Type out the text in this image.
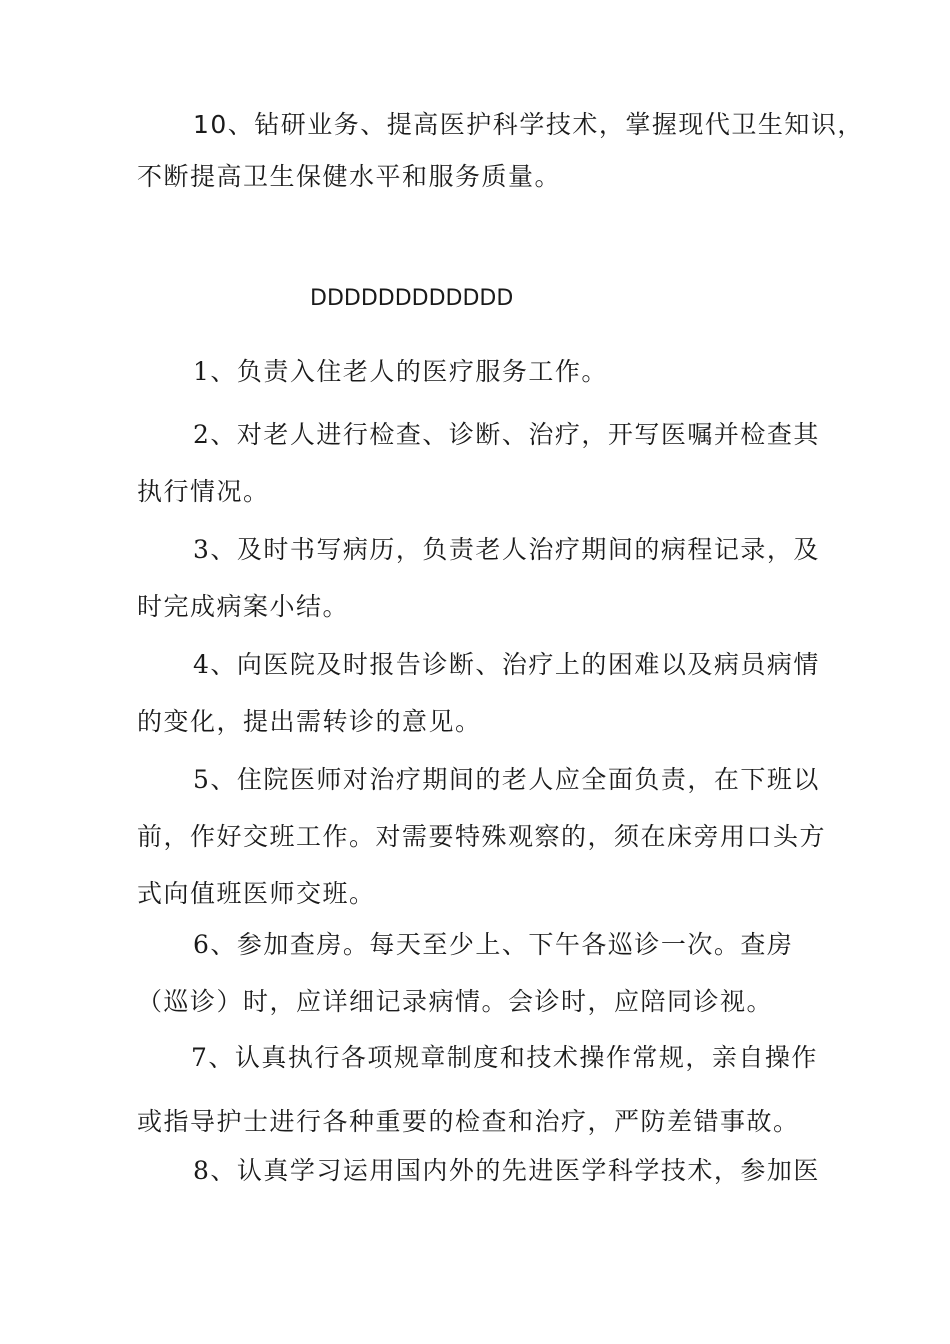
10、钻研业务、提高医护科学技术，掌握现代卫生知识，
不断提高卫生保健水平和服务质量。

DDDDDDDDDDDD

1、负责入住老人的医疗服务工作。

2、对老人进行检查、诊断、治疗，开写医嘱并检查其
执行情况。

3、及时书写病历，负责老人治疗期间的病程记录，及
时完成病案小结。

4、向医院及时报告诊断、治疗上的困难以及病员病情
的变化，提出需转诊的意见。

5、住院医师对治疗期间的老人应全面负责，在下班以
前，作好交班工作。对需要特殊观察的，须在床旁用口头方
式向值班医师交班。

6、参加查房。每天至少上、下午各巡诊一次。查房
（巡诊）时，应详细记录病情。会诊时，应陪同诊视。

7、认真执行各项规章制度和技术操作常规，亲自操作
或指导护士进行各种重要的检查和治疗，严防差错事故。

8、认真学习运用国内外的先进医学科学技术，参加医
